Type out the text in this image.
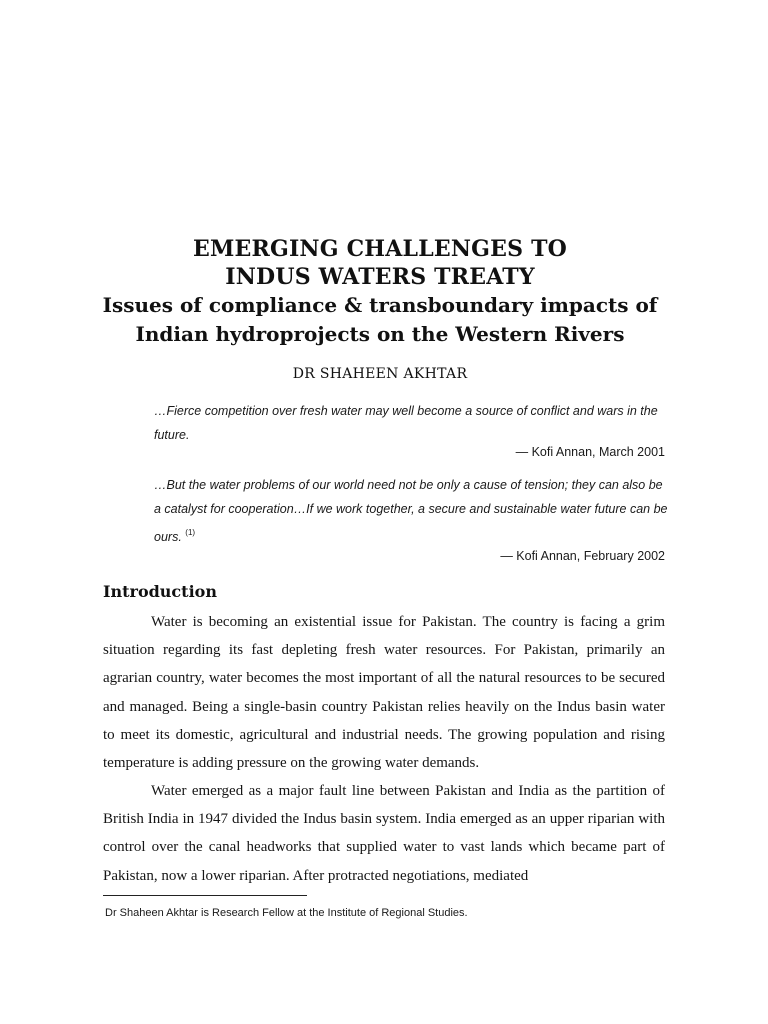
EMERGING CHALLENGES TO
INDUS WATERS TREATY
Issues of compliance & transboundary impacts of
Indian hydroprojects on the Western Rivers
DR SHAHEEN AKHTAR
…Fierce competition over fresh water may well become a source of conflict and wars in the future.
— Kofi Annan, March 2001
…But the water problems of our world need not be only a cause of tension; they can also be a catalyst for cooperation…If we work together, a secure and sustainable water future can be ours. $^{(1)}$
— Kofi Annan, February 2002
Introduction

Water is becoming an existential issue for Pakistan. The country is facing a grim situation regarding its fast depleting fresh water resources. For Pakistan, primarily an agrarian country, water becomes the most important of all the natural resources to be secured and managed. Being a single-basin country Pakistan relies heavily on the Indus basin water to meet its domestic, agricultural and industrial needs. The growing population and rising temperature is adding pressure on the growing water demands.

Water emerged as a major fault line between Pakistan and India as the partition of British India in 1947 divided the Indus basin system. India emerged as an upper riparian with control over the canal headworks that supplied water to vast lands which became part of Pakistan, now a lower riparian. After protracted negotiations, mediated

Dr Shaheen Akhtar is Research Fellow at the Institute of Regional Studies.
